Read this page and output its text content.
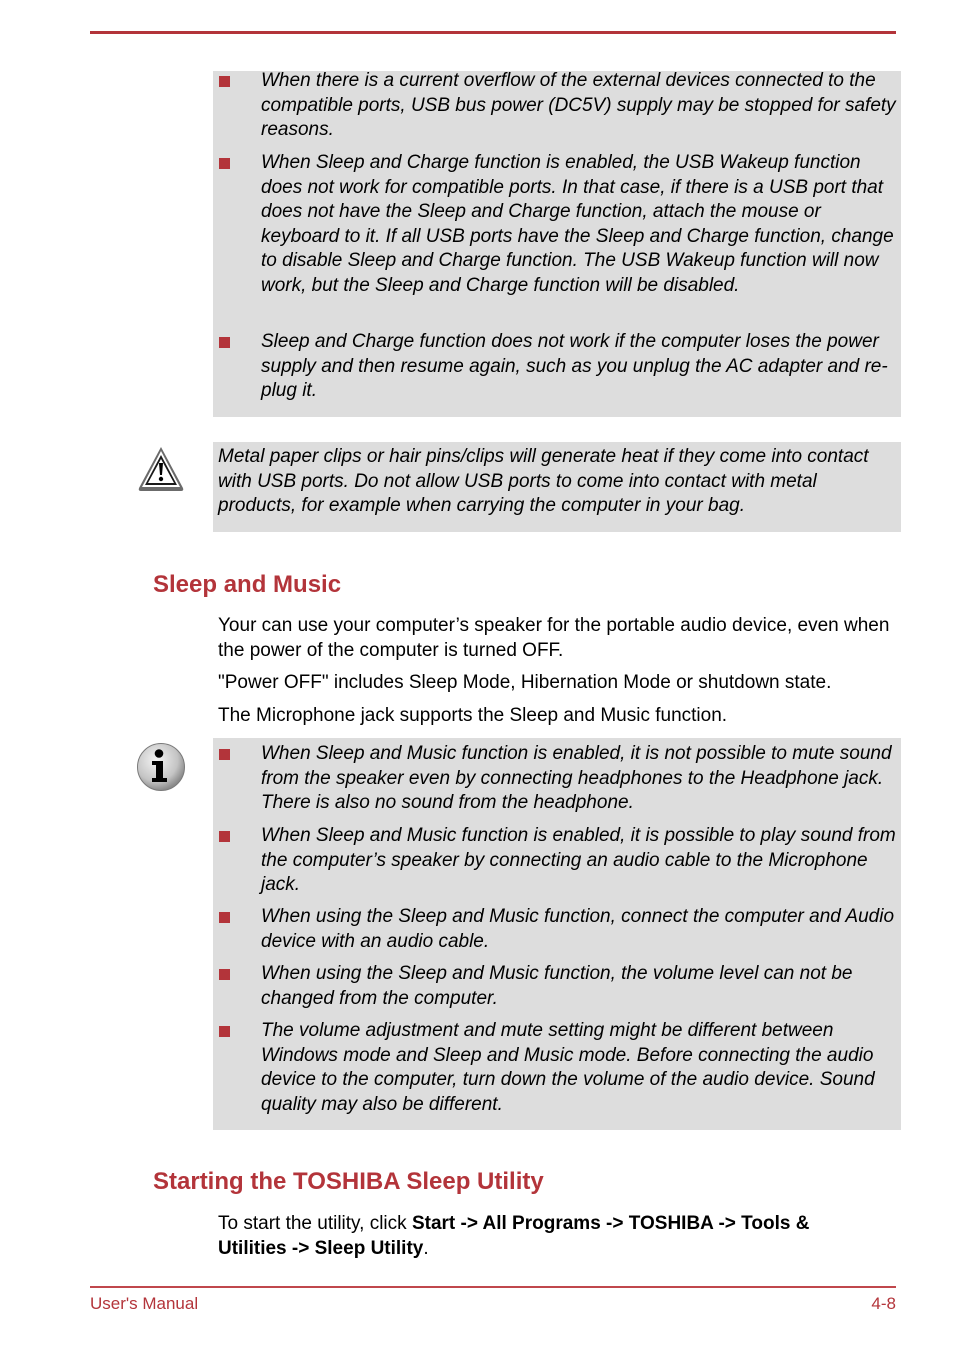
When there is a current overflow of the external devices connected to the compatible ports, USB bus power (DC5V) supply may be stopped for safety reasons.
When Sleep and Charge function is enabled, the USB Wakeup function does not work for compatible ports. In that case, if there is a USB port that does not have the Sleep and Charge function, attach the mouse or keyboard to it. If all USB ports have the Sleep and Charge function, change to disable Sleep and Charge function. The USB Wakeup function will now work, but the Sleep and Charge function will be disabled.
Sleep and Charge function does not work if the computer loses the power supply and then resume again, such as you unplug the AC adapter and re-plug it.
Metal paper clips or hair pins/clips will generate heat if they come into contact with USB ports. Do not allow USB ports to come into contact with metal products, for example when carrying the computer in your bag.
Sleep and Music
Your can use your computer’s speaker for the portable audio device, even when the power of the computer is turned OFF.
"Power OFF" includes Sleep Mode, Hibernation Mode or shutdown state.
The Microphone jack supports the Sleep and Music function.
When Sleep and Music function is enabled, it is not possible to mute sound from the speaker even by connecting headphones to the Headphone jack. There is also no sound from the headphone.
When Sleep and Music function is enabled, it is possible to play sound from the computer’s speaker by connecting an audio cable to the Microphone jack.
When using the Sleep and Music function, connect the computer and Audio device with an audio cable.
When using the Sleep and Music function, the volume level can not be changed from the computer.
The volume adjustment and mute setting might be different between Windows mode and Sleep and Music mode. Before connecting the audio device to the computer, turn down the volume of the audio device. Sound quality may also be different.
Starting the TOSHIBA Sleep Utility
To start the utility, click Start -> All Programs -> TOSHIBA -> Tools & Utilities -> Sleep Utility.
User's Manual	4-8
